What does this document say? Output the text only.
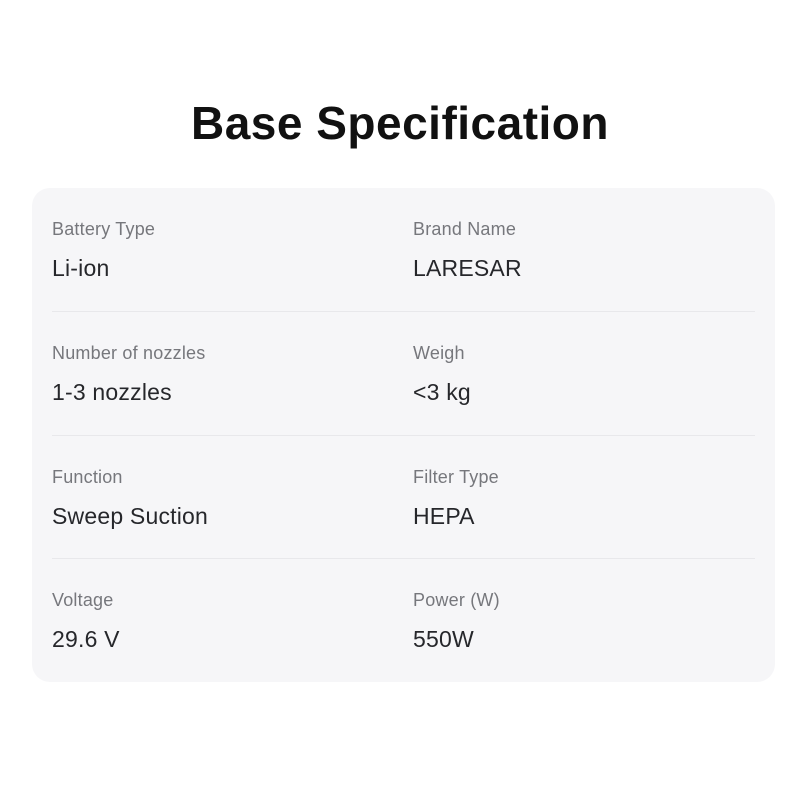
Base Specification
Battery Type
Li-ion
Brand Name
LARESAR
Number of nozzles
1-3 nozzles
Weigh
<3 kg
Function
Sweep Suction
Filter Type
HEPA
Voltage
29.6 V
Power (W)
550W
